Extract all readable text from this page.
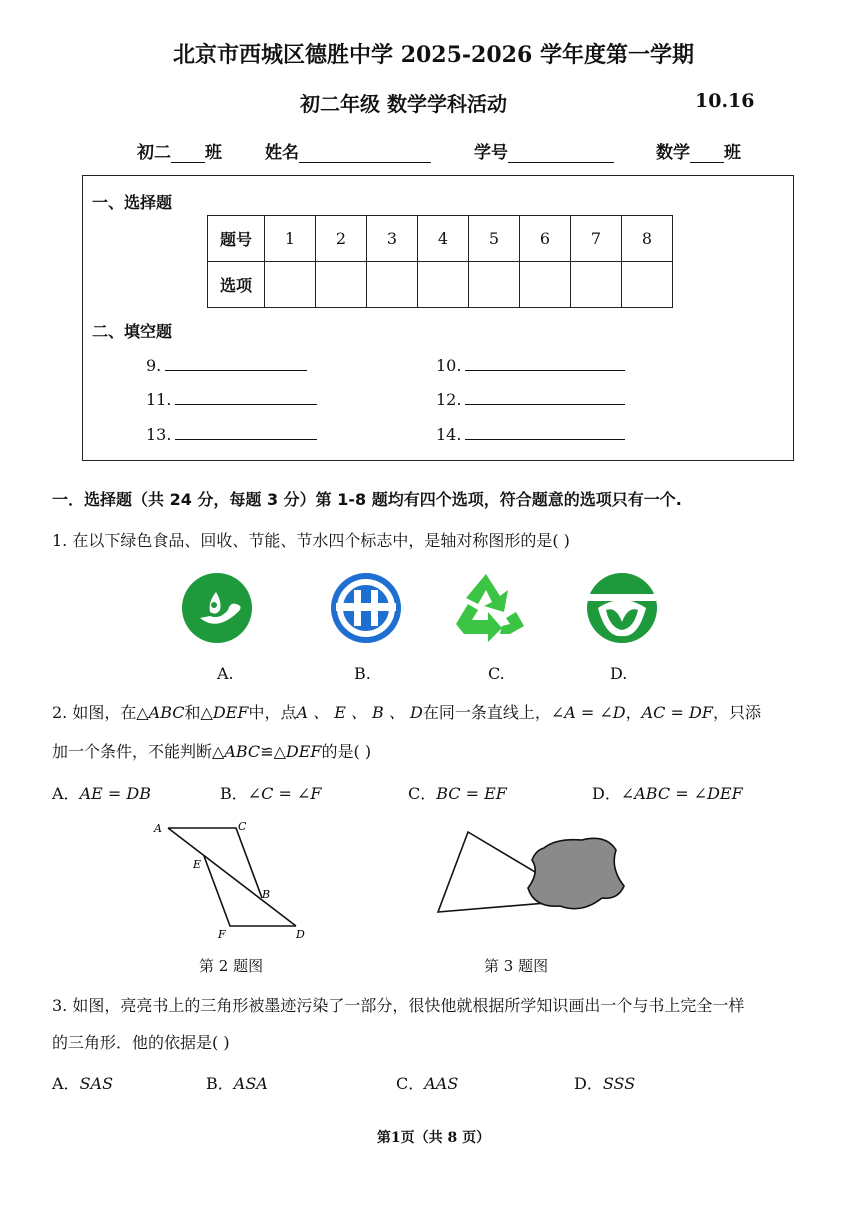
北京市西城区德胜中学 2025-2026 学年度第一学期
初二年级 数学学科活动	10.16
初二 班	姓名	学号	数学 班
一、选择题
题号	1	2	3	4	5	6	7	8
选项								
二、填空题
9.	10.
11.	12.
13.	14.
一．选择题（共 24 分，每题 3 分）第 1-8 题均有四个选项，符合题意的选项只有一个.
1. 在以下绿色食品、回收、节能、节水四个标志中，是轴对称图形的是( )
A.	B.	C.	D.
2. 如图，在△ABC和△DEF中，点A 、 E 、 B 、 D在同一条直线上，∠A = ∠D，AC = DF，只添
加一个条件，不能判断△ABC≌△DEF的是( )
A．AE = DB	B．∠C = ∠F	C．BC = EF	D．∠ABC = ∠DEF
A	C
E
B
F	D
第 2 题图	第 3 题图
3. 如图，亮亮书上的三角形被墨迹污染了一部分，很快他就根据所学知识画出一个与书上完全一样
的三角形．他的依据是( )
A．SAS	B．ASA	C．AAS	D．SSS
第1页（共 8 页）
